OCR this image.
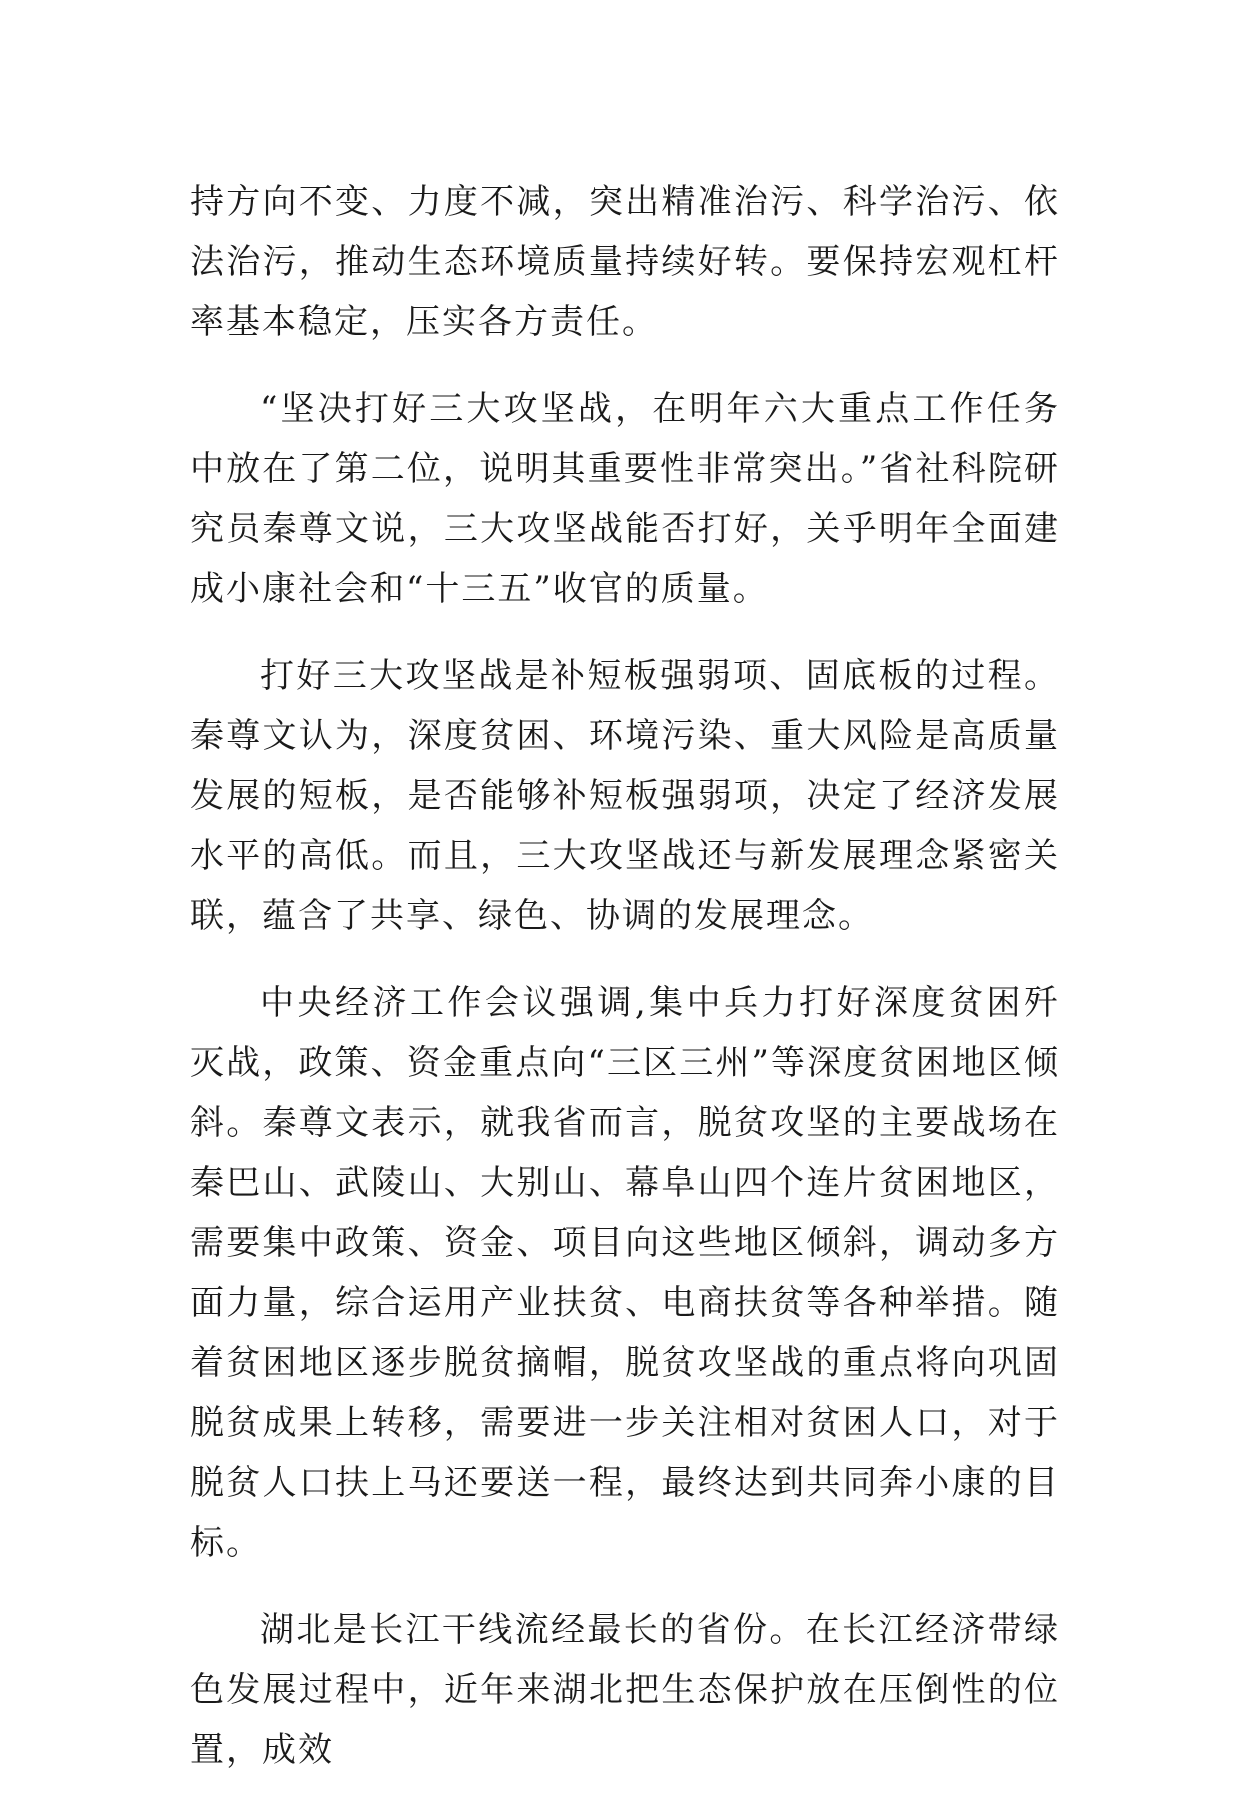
持方向不变、力度不减，突出精准治污、科学治污、依法治污，推动生态环境质量持续好转。要保持宏观杠杆率基本稳定，压实各方责任。

“坚决打好三大攻坚战，在明年六大重点工作任务中放在了第二位，说明其重要性非常突出。”省社科院研究员秦尊文说，三大攻坚战能否打好，关乎明年全面建成小康社会和“十三五”收官的质量。

打好三大攻坚战是补短板强弱项、固底板的过程。秦尊文认为，深度贫困、环境污染、重大风险是高质量发展的短板，是否能够补短板强弱项，决定了经济发展水平的高低。而且，三大攻坚战还与新发展理念紧密关联，蕴含了共享、绿色、协调的发展理念。

中央经济工作会议强调,集中兵力打好深度贫困歼灭战，政策、资金重点向“三区三州”等深度贫困地区倾斜。秦尊文表示，就我省而言，脱贫攻坚的主要战场在秦巴山、武陵山、大别山、幕阜山四个连片贫困地区，需要集中政策、资金、项目向这些地区倾斜，调动多方面力量，综合运用产业扶贫、电商扶贫等各种举措。随着贫困地区逐步脱贫摘帽，脱贫攻坚战的重点将向巩固脱贫成果上转移，需要进一步关注相对贫困人口，对于脱贫人口扶上马还要送一程，最终达到共同奔小康的目标。

湖北是长江干线流经最长的省份。在长江经济带绿色发展过程中，近年来湖北把生态保护放在压倒性的位置，成效
